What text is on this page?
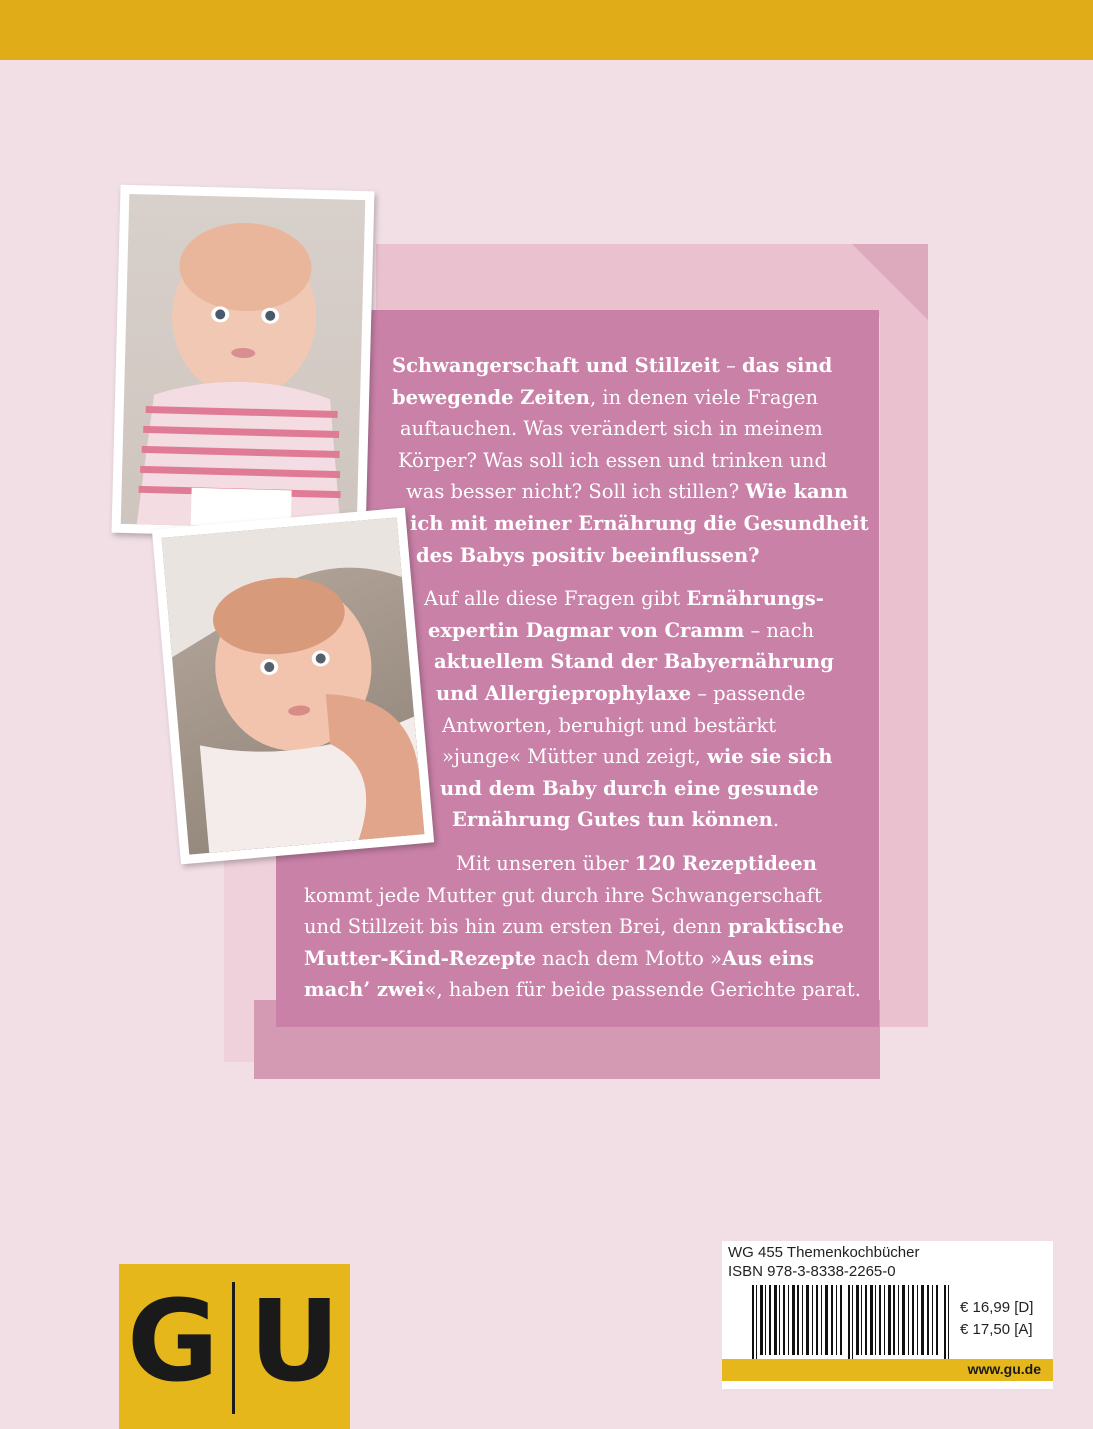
Schwangerschaft und Stillzeit – das sind
bewegende Zeiten, in denen viele Fragen
auftauchen. Was verändert sich in meinem
Körper? Was soll ich essen und trinken und
was besser nicht? Soll ich stillen? Wie kann
ich mit meiner Ernährung die Gesundheit
des Babys positiv beeinflussen?

Auf alle diese Fragen gibt Ernährungs-
expertin Dagmar von Cramm – nach
aktuellem Stand der Babyernährung
und Allergieprophylaxe – passende
Antworten, beruhigt und bestärkt
»junge« Mütter und zeigt, wie sie sich
und dem Baby durch eine gesunde
Ernährung Gutes tun können.

Mit unseren über 120 Rezeptideen
kommt jede Mutter gut durch ihre Schwangerschaft
und Stillzeit bis hin zum ersten Brei, denn praktische
Mutter-Kind-Rezepte nach dem Motto »Aus eins
mach’ zwei«, haben für beide passende Gerichte parat.

G U
WG 455 Themenkochbücher
ISBN 978-3-8338-2265-0
€ 16,99 [D]
€ 17,50 [A]
www.gu.de
